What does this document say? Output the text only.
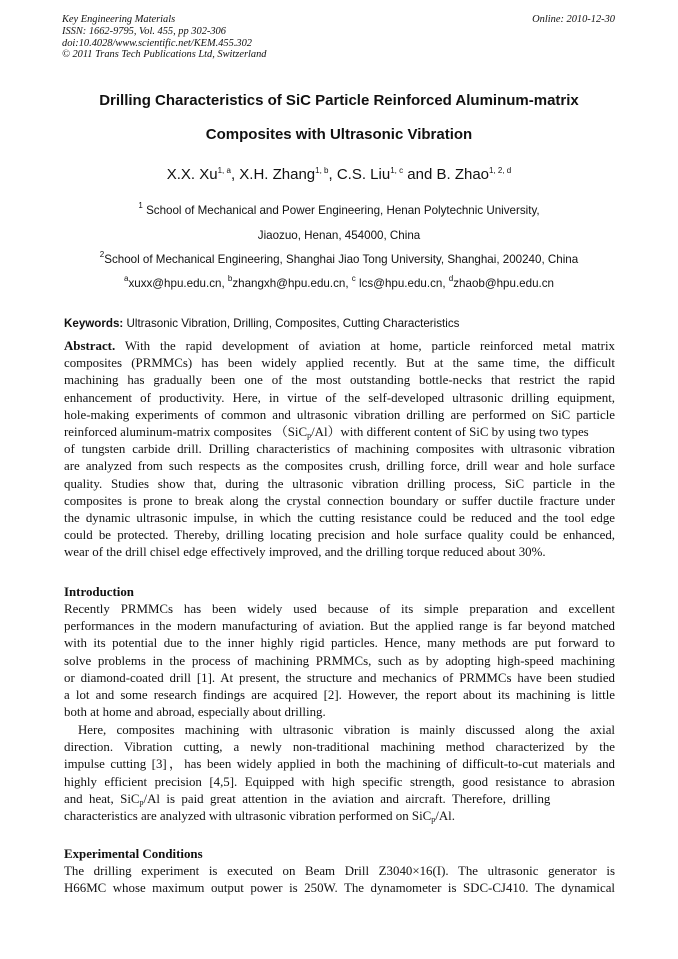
Key Engineering Materials
ISSN: 1662-9795, Vol. 455, pp 302-306
doi:10.4028/www.scientific.net/KEM.455.302
© 2011 Trans Tech Publications Ltd, Switzerland
Online: 2010-12-30
Drilling Characteristics of SiC Particle Reinforced Aluminum-matrix
Composites with Ultrasonic Vibration
X.X. Xu$^{1, a}$, X.H. Zhang$^{1, b}$, C.S. Liu$^{1, c}$ and B. Zhao$^{1, 2, d}$
$^1$ School of Mechanical and Power Engineering, Henan Polytechnic University,
Jiaozuo, Henan, 454000, China
$^2$School of Mechanical Engineering, Shanghai Jiao Tong University, Shanghai, 200240, China
$^a$xuxx@hpu.edu.cn, $^b$zhangxh@hpu.edu.cn, $^c$ lcs@hpu.edu.cn, $^d$zhaob@hpu.edu.cn
Keywords: Ultrasonic Vibration, Drilling, Composites, Cutting Characteristics
Abstract. With the rapid development of aviation at home, particle reinforced metal matrix
composites (PRMMCs) has been widely applied recently. But at the same time, the difficult
machining has gradually been one of the most outstanding bottle-necks that restrict the rapid
enhancement of productivity. Here, in virtue of the self-developed ultrasonic drilling equipment,
hole-making experiments of common and ultrasonic vibration drilling are performed on SiC particle
reinforced aluminum-matrix composites （SiC$_p$/Al）with different content of SiC by using two types
of tungsten carbide drill. Drilling characteristics of machining composites with ultrasonic vibration
are analyzed from such respects as the composites crush, drilling force, drill wear and hole surface
quality. Studies show that, during the ultrasonic vibration drilling process, SiC particle in the
composites is prone to break along the crystal connection boundary or suffer ductile fracture under
the dynamic ultrasonic impulse, in which the cutting resistance could be reduced and the tool edge
could be protected. Thereby, drilling locating precision and hole surface quality could be enhanced,
wear of the drill chisel edge effectively improved, and the drilling torque reduced about 30%.
Introduction
Recently PRMMCs has been widely used because of its simple preparation and excellent
performances in the modern manufacturing of aviation. But the applied range is far beyond matched
with its potential due to the inner highly rigid particles. Hence, many methods are put forward to
solve problems in the process of machining PRMMCs, such as by adopting high-speed machining
or diamond-coated drill [1]. At present, the structure and mechanics of PRMMCs have been studied
a lot and some research findings are acquired [2]. However, the report about its machining is little
both at home and abroad, especially about drilling.
Here, composites machining with ultrasonic vibration is mainly discussed along the axial
direction. Vibration cutting, a newly non-traditional machining method characterized by the
impulse cutting [3]，has been widely applied in both the machining of difficult-to-cut materials and
highly efficient precision [4,5]. Equipped with high specific strength, good resistance to abrasion
and heat, SiC$_p$/Al is paid great attention in the aviation and aircraft. Therefore, drilling
characteristics are analyzed with ultrasonic vibration performed on SiC$_p$/Al.
Experimental Conditions
The drilling experiment is executed on Beam Drill Z3040×16(I). The ultrasonic generator is
H66MC whose maximum output power is 250W. The dynamometer is SDC-CJ410. The dynamical
